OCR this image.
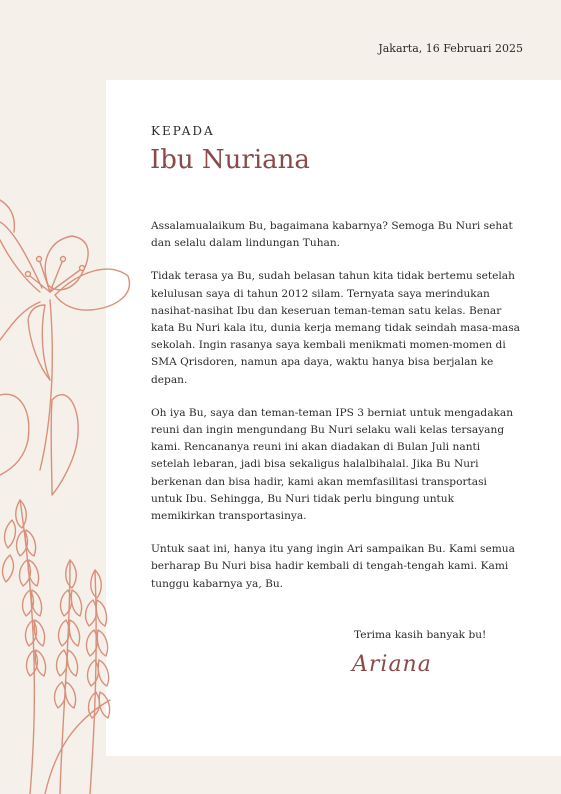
Jakarta, 16 Februari 2025
KEPADA
Ibu Nuriana

Assalamualaikum Bu, bagaimana kabarnya? Semoga Bu Nuri sehat dan selalu dalam lindungan Tuhan.

Tidak terasa ya Bu, sudah belasan tahun kita tidak bertemu setelah kelulusan saya di tahun 2012 silam. Ternyata saya merindukan nasihat-nasihat Ibu dan keseruan teman-teman satu kelas. Benar kata Bu Nuri kala itu, dunia kerja memang tidak seindah masa-masa sekolah. Ingin rasanya saya kembali menikmati momen-momen di SMA Qrisdoren, namun apa daya, waktu hanya bisa berjalan ke depan.

Oh iya Bu, saya dan teman-teman IPS 3 berniat untuk mengadakan reuni dan ingin mengundang Bu Nuri selaku wali kelas tersayang kami. Rencananya reuni ini akan diadakan di Bulan Juli nanti setelah lebaran, jadi bisa sekaligus halalbihalal. Jika Bu Nuri berkenan dan bisa hadir, kami akan memfasilitasi transportasi untuk Ibu. Sehingga, Bu Nuri tidak perlu bingung untuk memikirkan transportasinya.

Untuk saat ini, hanya itu yang ingin Ari sampaikan Bu. Kami semua berharap Bu Nuri bisa hadir kembali di tengah-tengah kami. Kami tunggu kabarnya ya, Bu.

Terima kasih banyak bu!
Ariana
